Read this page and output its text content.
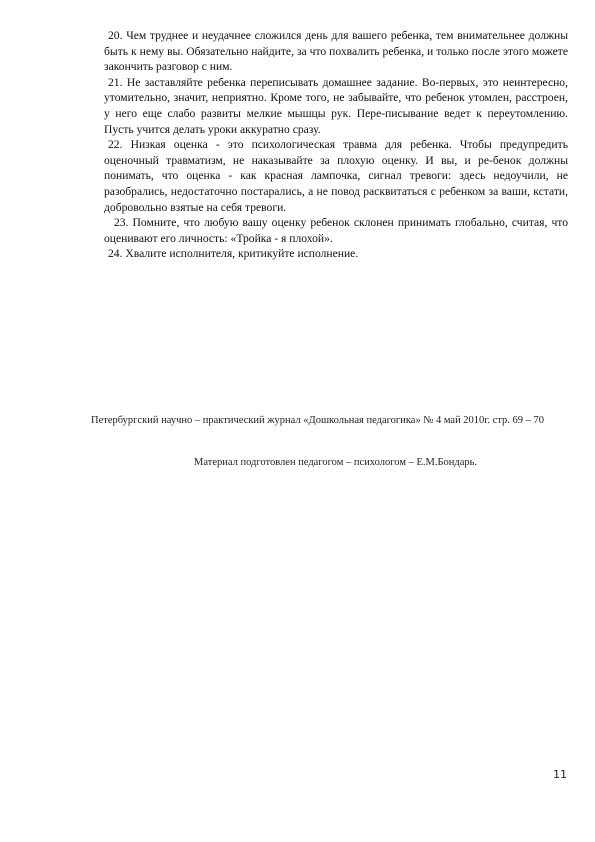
20. Чем труднее и неудачнее сложился день для вашего ребенка, тем внимательнее должны быть к нему вы. Обязательно найдите, за что похвалить ребенка, и только после этого можете закончить разговор с ним.

21. Не заставляйте ребенка переписывать домашнее задание. Во-первых, это неинтересно, утомительно, значит, неприятно. Кроме того, не забывайте, что ребенок утомлен, расстроен, у него еще слабо развиты мелкие мышцы рук. Пере-писывание ведет к переутомлению. Пусть учится делать уроки аккуратно сразу.

22. Низкая оценка - это психологическая травма для ребенка. Чтобы предупредить оценочный травматизм, не наказывайте за плохую оценку. И вы, и ре-бенок должны понимать, что оценка - как красная лампочка, сигнал тревоги: здесь недоучили, не разобрались, недостаточно постарались, а не повод расквитаться с ребенком за ваши, кстати, добровольно взятые на себя тревоги.

23. Помните, что любую вашу оценку ребенок склонен принимать глобально, считая, что оценивают его личность: «Тройка - я плохой».

24. Хвалите исполнителя, критикуйте исполнение.

Петербургский научно – практический журнал «Дошкольная педагогика» № 4 май 2010г. стр. 69 – 70
Материал подготовлен педагогом – психологом – Е.М.Бондарь.
11
